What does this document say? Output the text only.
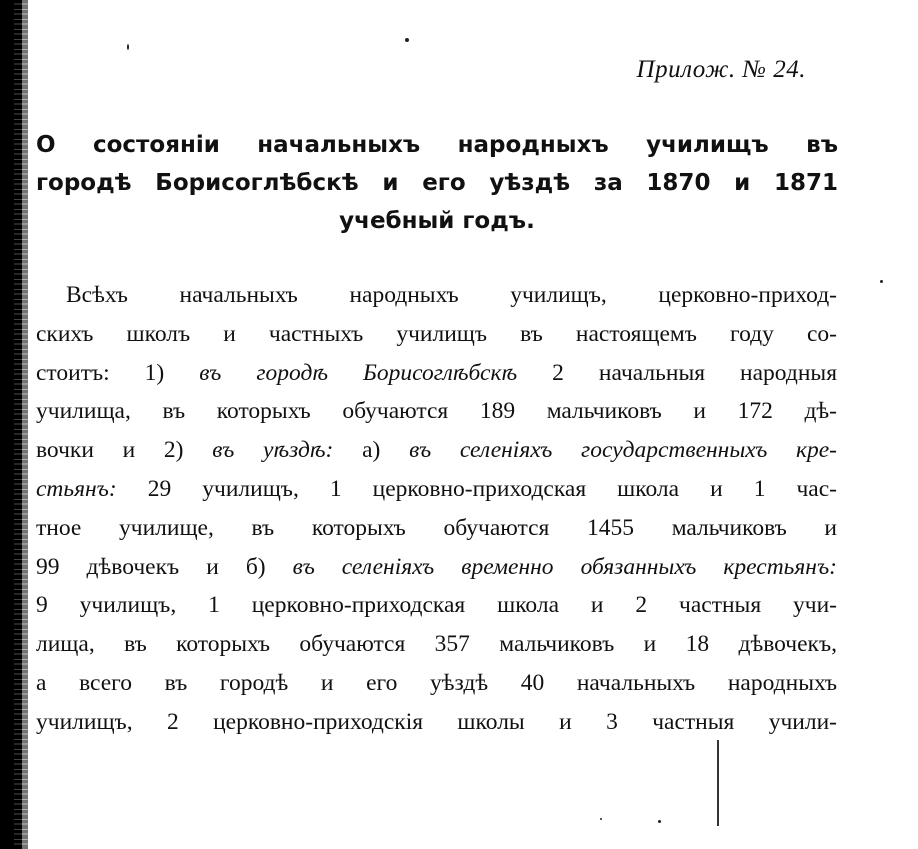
Прилож. № 24.
О состоянiи начальныхъ народныхъ училищъ въ
городѣ Борисоглѣбскѣ и его уѣздѣ за 1870 и 1871
учебный годъ.
Всѣхъ начальныхъ народныхъ училищъ, церковно-приход-
скихъ школъ и частныхъ училищъ въ настоящемъ году со-
стоитъ: 1) въ городѣ Борисоглѣбскѣ 2 начальныя народныя
училища, въ которыхъ обучаются 189 мальчиковъ и 172 дѣ-
вочки и 2) въ уѣздѣ: а) въ селенiяхъ государственныхъ кре-
стьянъ: 29 училищъ, 1 церковно-приходская школа и 1 час-
тное училище, въ которыхъ обучаются 1455 мальчиковъ и
99 дѣвочекъ и б) въ селенiяхъ временно обязанныхъ крестьянъ:
9 училищъ, 1 церковно-приходская школа и 2 частныя учи-
лища, въ которыхъ обучаются 357 мальчиковъ и 18 дѣвочекъ,
а всего въ городѣ и его уѣздѣ 40 начальныхъ народныхъ
училищъ, 2 церковно-приходскiя школы и 3 частныя учили-
